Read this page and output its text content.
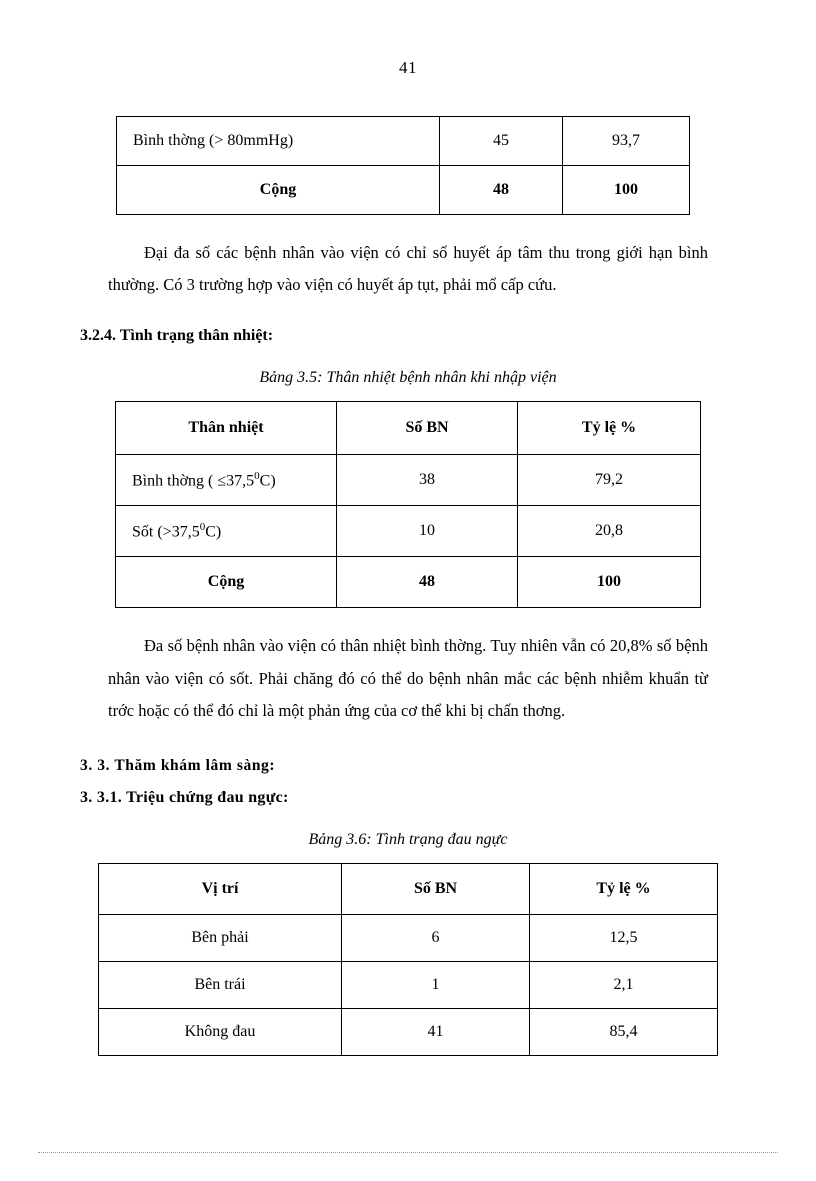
41
Bình thờng (> 80mmHg)	45	93,7
Cộng	48	100

Đại đa số các bệnh nhân vào viện có chỉ số huyết áp tâm thu trong giới hạn bình thường. Có 3 trường hợp vào viện có huyết áp tụt, phải mổ cấp cứu.

3.2.4. Tình trạng thân nhiệt:
Bảng 3.5: Thân nhiệt bệnh nhân khi nhập viện
Thân nhiệt	Số BN	Tỷ lệ %
Bình thờng ( $\le 37,5^0C$)	38	79,2
Sốt $(>37,5^0C)$	10	20,8
Cộng	48	100

Đa số bệnh nhân vào viện có thân nhiệt bình thờng. Tuy nhiên vẫn có 20,8% số bệnh nhân vào viện có sốt. Phải chăng đó có thể do bệnh nhân mắc các bệnh nhiễm khuẩn từ trớc hoặc có thể đó chỉ là một phản ứng của cơ thể khi bị chấn thơng.

3. 3. Thăm khám lâm sàng:
3. 3.1. Triệu chứng đau ngực:
Bảng 3.6: Tình trạng đau ngực
Vị trí	Số BN	Tỷ lệ %
Bên phải	6	12,5
Bên trái	1	2,1
Không đau	41	85,4
